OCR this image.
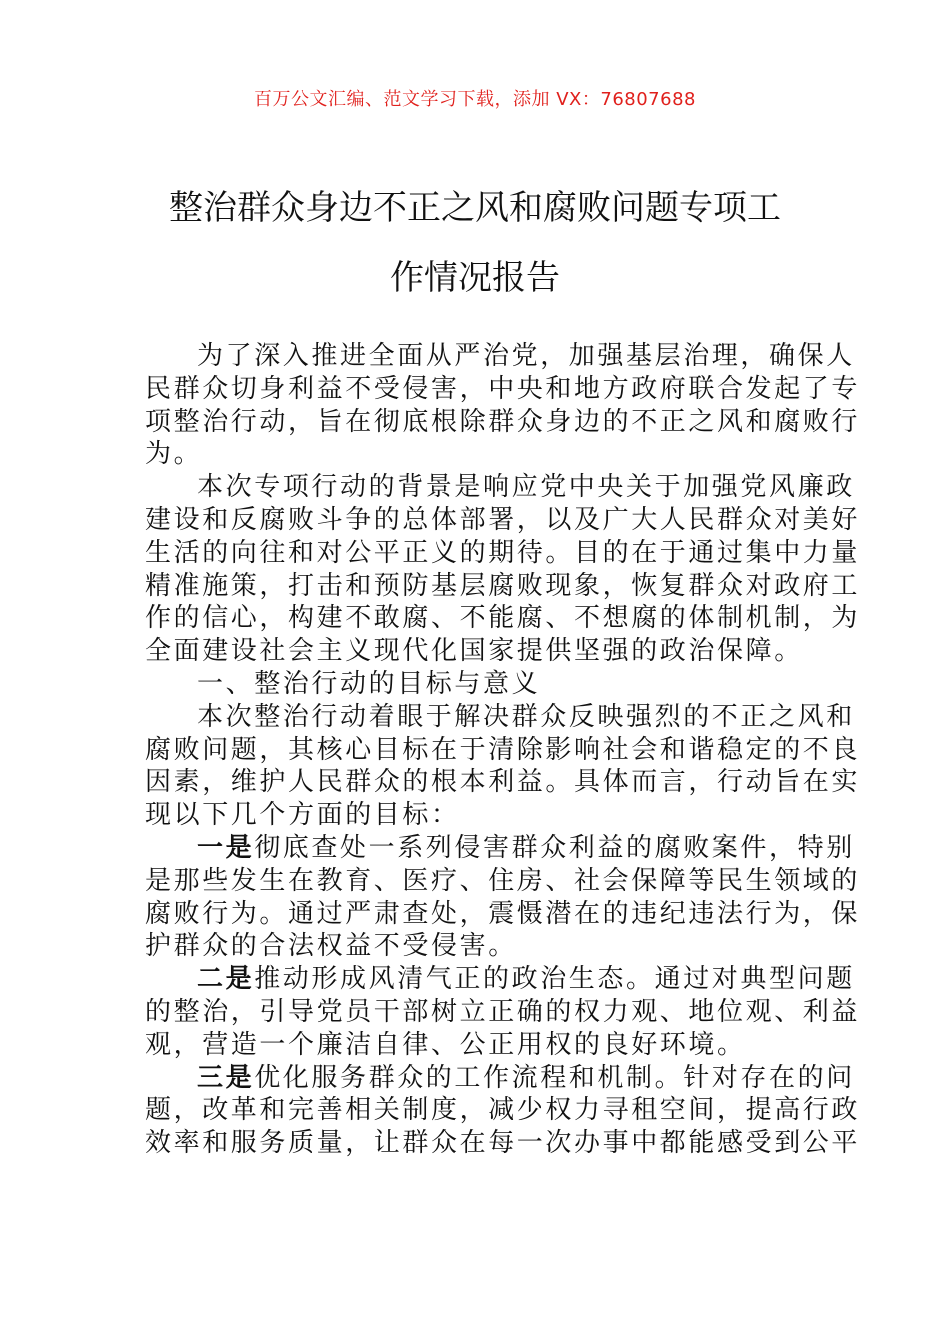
百万公文汇编、范文学习下载，添加 VX：76807688
整治群众身边不正之风和腐败问题专项工
作情况报告
为了深入推进全面从严治党，加强基层治理，确保人
民群众切身利益不受侵害，中央和地方政府联合发起了专
项整治行动，旨在彻底根除群众身边的不正之风和腐败行
为。
本次专项行动的背景是响应党中央关于加强党风廉政
建设和反腐败斗争的总体部署，以及广大人民群众对美好
生活的向往和对公平正义的期待。目的在于通过集中力量
精准施策，打击和预防基层腐败现象，恢复群众对政府工
作的信心，构建不敢腐、不能腐、不想腐的体制机制，为
全面建设社会主义现代化国家提供坚强的政治保障。
一、整治行动的目标与意义
本次整治行动着眼于解决群众反映强烈的不正之风和
腐败问题，其核心目标在于清除影响社会和谐稳定的不良
因素，维护人民群众的根本利益。具体而言，行动旨在实
现以下几个方面的目标：
一是彻底查处一系列侵害群众利益的腐败案件，特别
是那些发生在教育、医疗、住房、社会保障等民生领域的
腐败行为。通过严肃查处，震慑潜在的违纪违法行为，保
护群众的合法权益不受侵害。
二是推动形成风清气正的政治生态。通过对典型问题
的整治，引导党员干部树立正确的权力观、地位观、利益
观，营造一个廉洁自律、公正用权的良好环境。
三是优化服务群众的工作流程和机制。针对存在的问
题，改革和完善相关制度，减少权力寻租空间，提高行政
效率和服务质量，让群众在每一次办事中都能感受到公平
